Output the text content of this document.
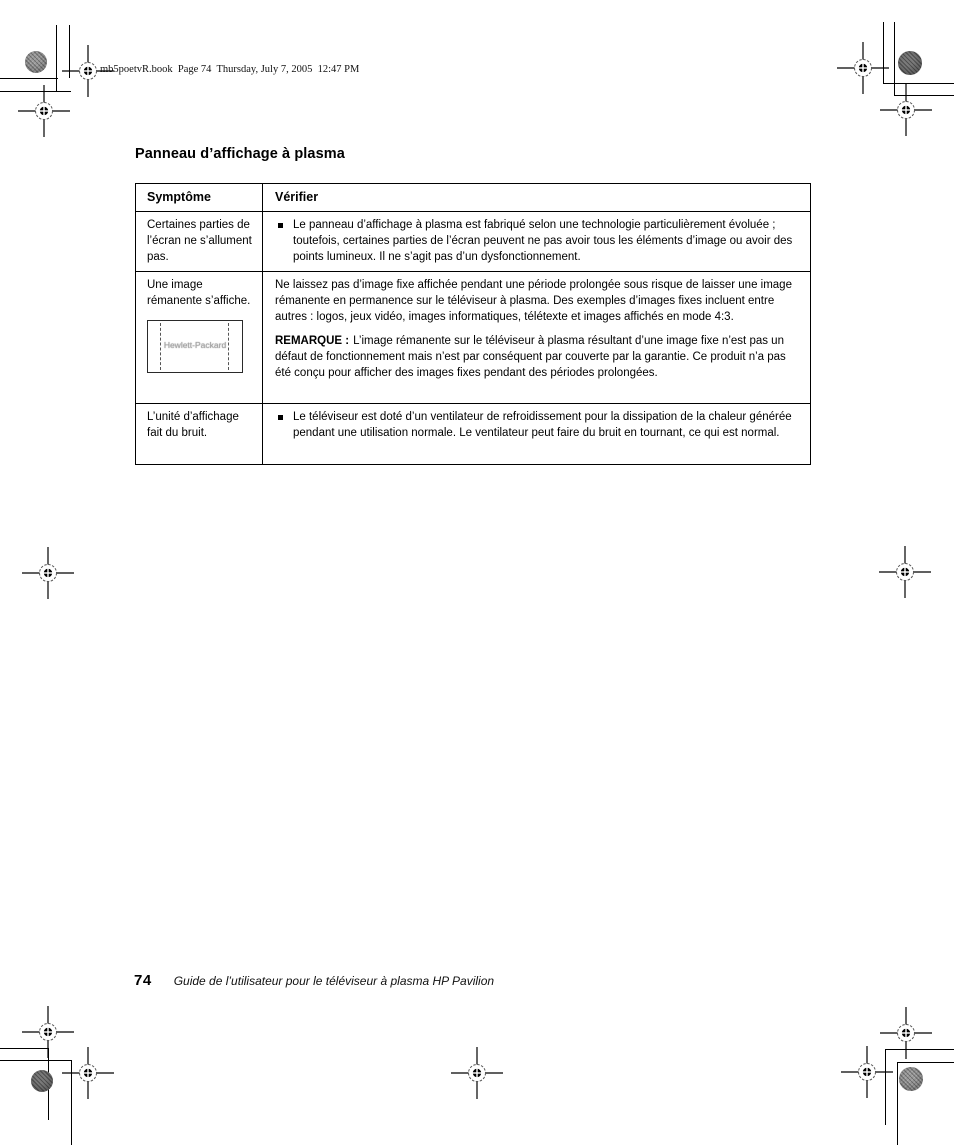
mb5poetvR.book  Page 74  Thursday, July 7, 2005  12:47 PM
Panneau d’affichage à plasma
Symptôme	Vérifier
Certaines parties de l’écran ne s’allument pas.
Le panneau d’affichage à plasma est fabriqué selon une technologie particulièrement évoluée ; toutefois, certaines parties de l’écran peuvent ne pas avoir tous les éléments d’image ou avoir des points lumineux. Il ne s’agit pas d’un dysfonctionnement.
Une image rémanente s’affiche.
Hewlett-Packard
Ne laissez pas d’image fixe affichée pendant une période prolongée sous risque de laisser une image rémanente en permanence sur le téléviseur à plasma. Des exemples d’images fixes incluent entre autres : logos, jeux vidéo, images informatiques, télétexte et images affichés en mode 4:3.
REMARQUE : L’image rémanente sur le téléviseur à plasma résultant d’une image fixe n’est pas un défaut de fonctionnement mais n’est par conséquent par couverte par la garantie. Ce produit n’a pas été conçu pour afficher des images fixes pendant des périodes prolongées.
L’unité d’affichage fait du bruit.
Le téléviseur est doté d’un ventilateur de refroidissement pour la dissipation de la chaleur générée pendant une utilisation normale. Le ventilateur peut faire du bruit en tournant, ce qui est normal.
74 Guide de l’utilisateur pour le téléviseur à plasma HP Pavilion
